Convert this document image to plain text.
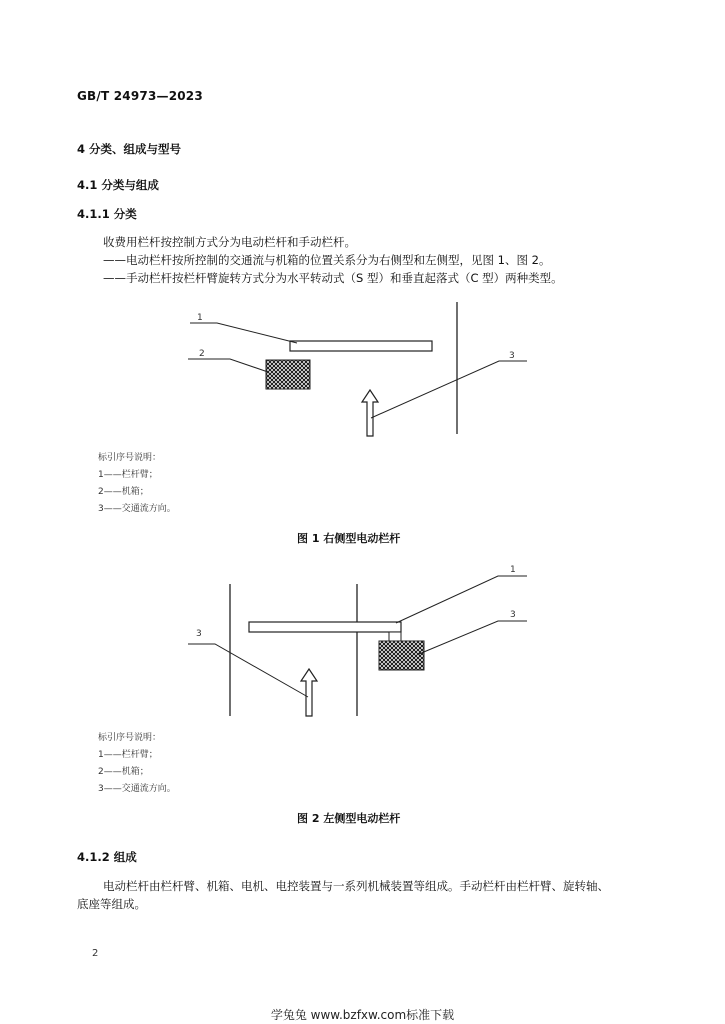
GB/T 24973—2023
4 分类、组成与型号
4.1 分类与组成
4.1.1 分类
收费用栏杆按控制方式分为电动栏杆和手动栏杆。
——电动栏杆按所控制的交通流与机箱的位置关系分为右侧型和左侧型，见图 1、图 2。
——手动栏杆按栏杆臂旋转方式分为水平转动式（S 型）和垂直起落式（C 型）两种类型。
1
2	3
标引序号说明：
1——栏杆臂；
2——机箱；
3——交通流方向。
图 1 右侧型电动栏杆
1
3
3
标引序号说明：
1——栏杆臂；
2——机箱；
3——交通流方向。
图 2 左侧型电动栏杆
4.1.2 组成
电动栏杆由栏杆臂、机箱、电机、电控装置与一系列机械装置等组成。手动栏杆由栏杆臂、旋转轴、
底座等组成。
2
学兔兔 www.bzfxw.com标准下载
